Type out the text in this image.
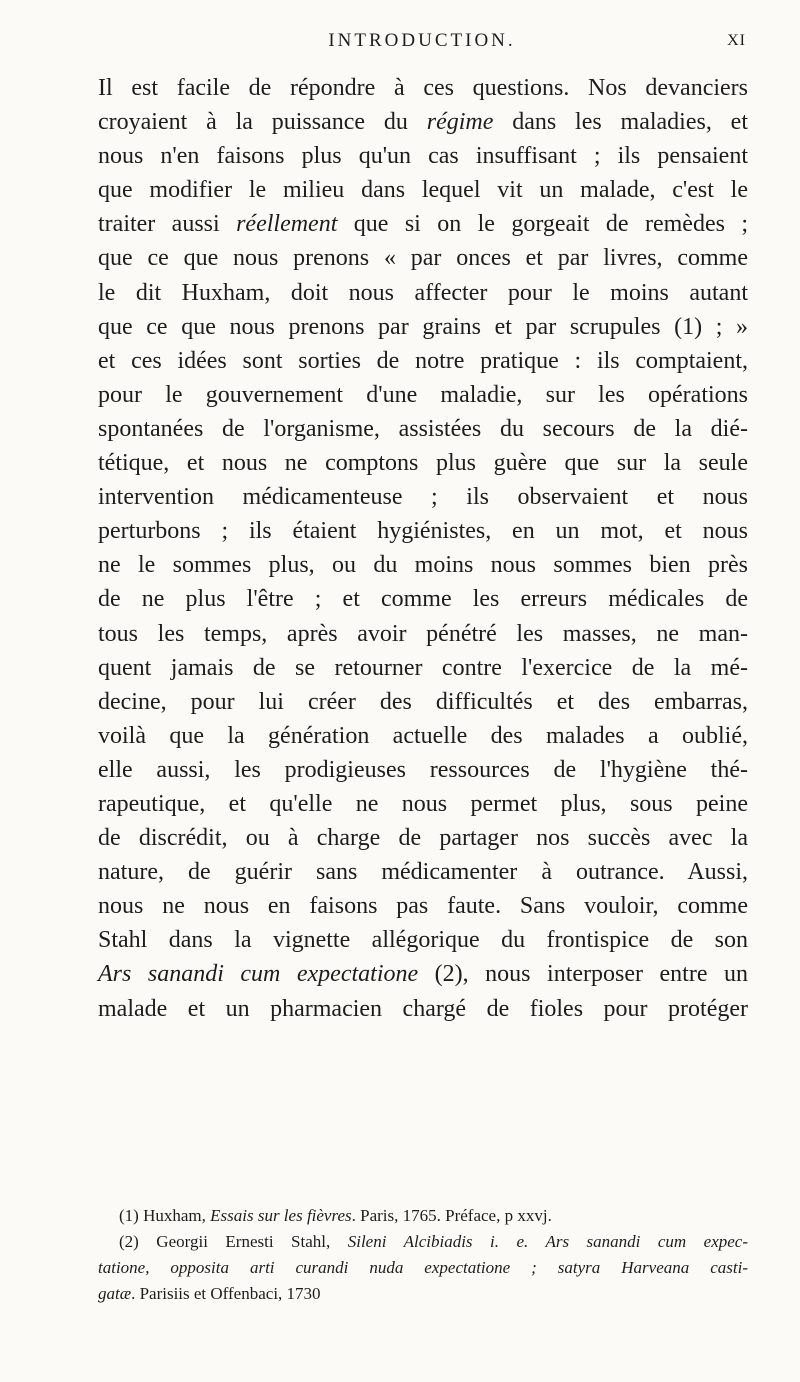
INTRODUCTION.	XI
Il est facile de répondre à ces questions. Nos devanciers
croyaient à la puissance du régime dans les maladies, et
nous n'en faisons plus qu'un cas insuffisant ; ils pensaient
que modifier le milieu dans lequel vit un malade, c'est le
traiter aussi réellement que si on le gorgeait de remèdes ;
que ce que nous prenons « par onces et par livres, comme
le dit Huxham, doit nous affecter pour le moins autant
que ce que nous prenons par grains et par scrupules (1) ; »
et ces idées sont sorties de notre pratique : ils comptaient,
pour le gouvernement d'une maladie, sur les opérations
spontanées de l'organisme, assistées du secours de la dié-
tétique, et nous ne comptons plus guère que sur la seule
intervention médicamenteuse ; ils observaient et nous
perturbons ; ils étaient hygiénistes, en un mot, et nous
ne le sommes plus, ou du moins nous sommes bien près
de ne plus l'être ; et comme les erreurs médicales de
tous les temps, après avoir pénétré les masses, ne man-
quent jamais de se retourner contre l'exercice de la mé-
decine, pour lui créer des difficultés et des embarras,
voilà que la génération actuelle des malades a oublié,
elle aussi, les prodigieuses ressources de l'hygiène thé-
rapeutique, et qu'elle ne nous permet plus, sous peine
de discrédit, ou à charge de partager nos succès avec la
nature, de guérir sans médicamenter à outrance. Aussi,
nous ne nous en faisons pas faute. Sans vouloir, comme
Stahl dans la vignette allégorique du frontispice de son
Ars sanandi cum expectatione (2), nous interposer entre un
malade et un pharmacien chargé de fioles pour protéger
(1) Huxham, Essais sur les fièvres. Paris, 1765. Préface, p xxvj.
(2) Georgii Ernesti Stahl, Sileni Alcibiadis i. e. Ars sanandi cum expec-
tatione, opposita arti curandi nuda expectatione ; satyra Harveana casti-
gatæ. Parisiis et Offenbaci, 1730
